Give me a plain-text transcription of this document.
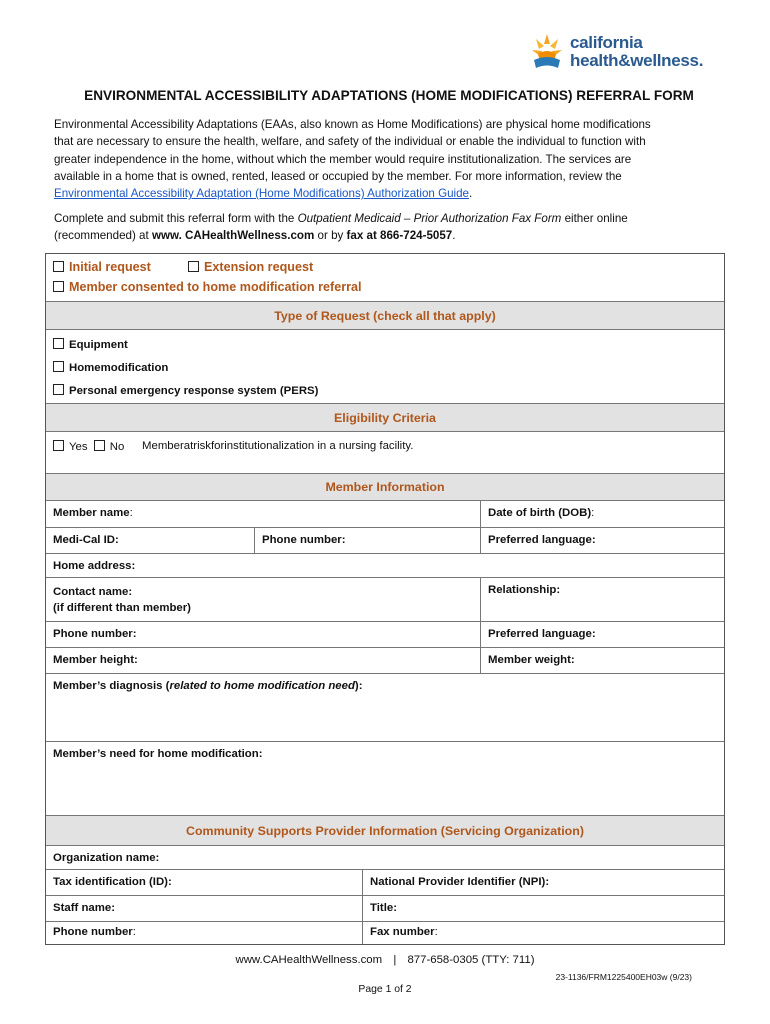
california
health&wellness.
ENVIRONMENTAL ACCESSIBILITY ADAPTATIONS (HOME MODIFICATIONS) REFERRAL FORM
Environmental Accessibility Adaptations (EAAs, also known as Home Modifications) are physical home modifications
that are necessary to ensure the health, welfare, and safety of the individual or enable the individual to function with
greater independence in the home, without which the member would require institutionalization. The services are
available in a home that is owned, rented, leased or occupied by the member. For more information, review the
Environmental Accessibility Adaptation (Home Modifications) Authorization Guide.
Complete and submit this referral form with the Outpatient Medicaid – Prior Authorization Fax Form either online
(recommended) at www. CAHealthWellness.com or by fax at 866-724-5057.
Initial request	Extension request
Member consented to home modification referral
Type of Request (check all that apply)
Equipment
Homemodification
Personal emergency response system (PERS)
Eligibility Criteria
Yes No Memberatriskforinstitutionalization in a nursing facility.
Member Information
Member name:	Date of birth (DOB):
Medi-Cal ID:	Phone number:	Preferred language:
Home address:
Contact name:
(if different than member)
Relationship:
Phone number:	Preferred language:
Member height:	Member weight:
Member’s diagnosis (related to home modification need):
Member’s need for home modification:
Community Supports Provider Information (Servicing Organization)
Organization name:
Tax identification (ID):	National Provider Identifier (NPI):
Staff name:	Title:
Phone number:	Fax number:
www.CAHealthWellness.com | 877-658-0305 (TTY: 711)
23-1136/FRM1225400EH03w (9/23)
Page 1 of 2
